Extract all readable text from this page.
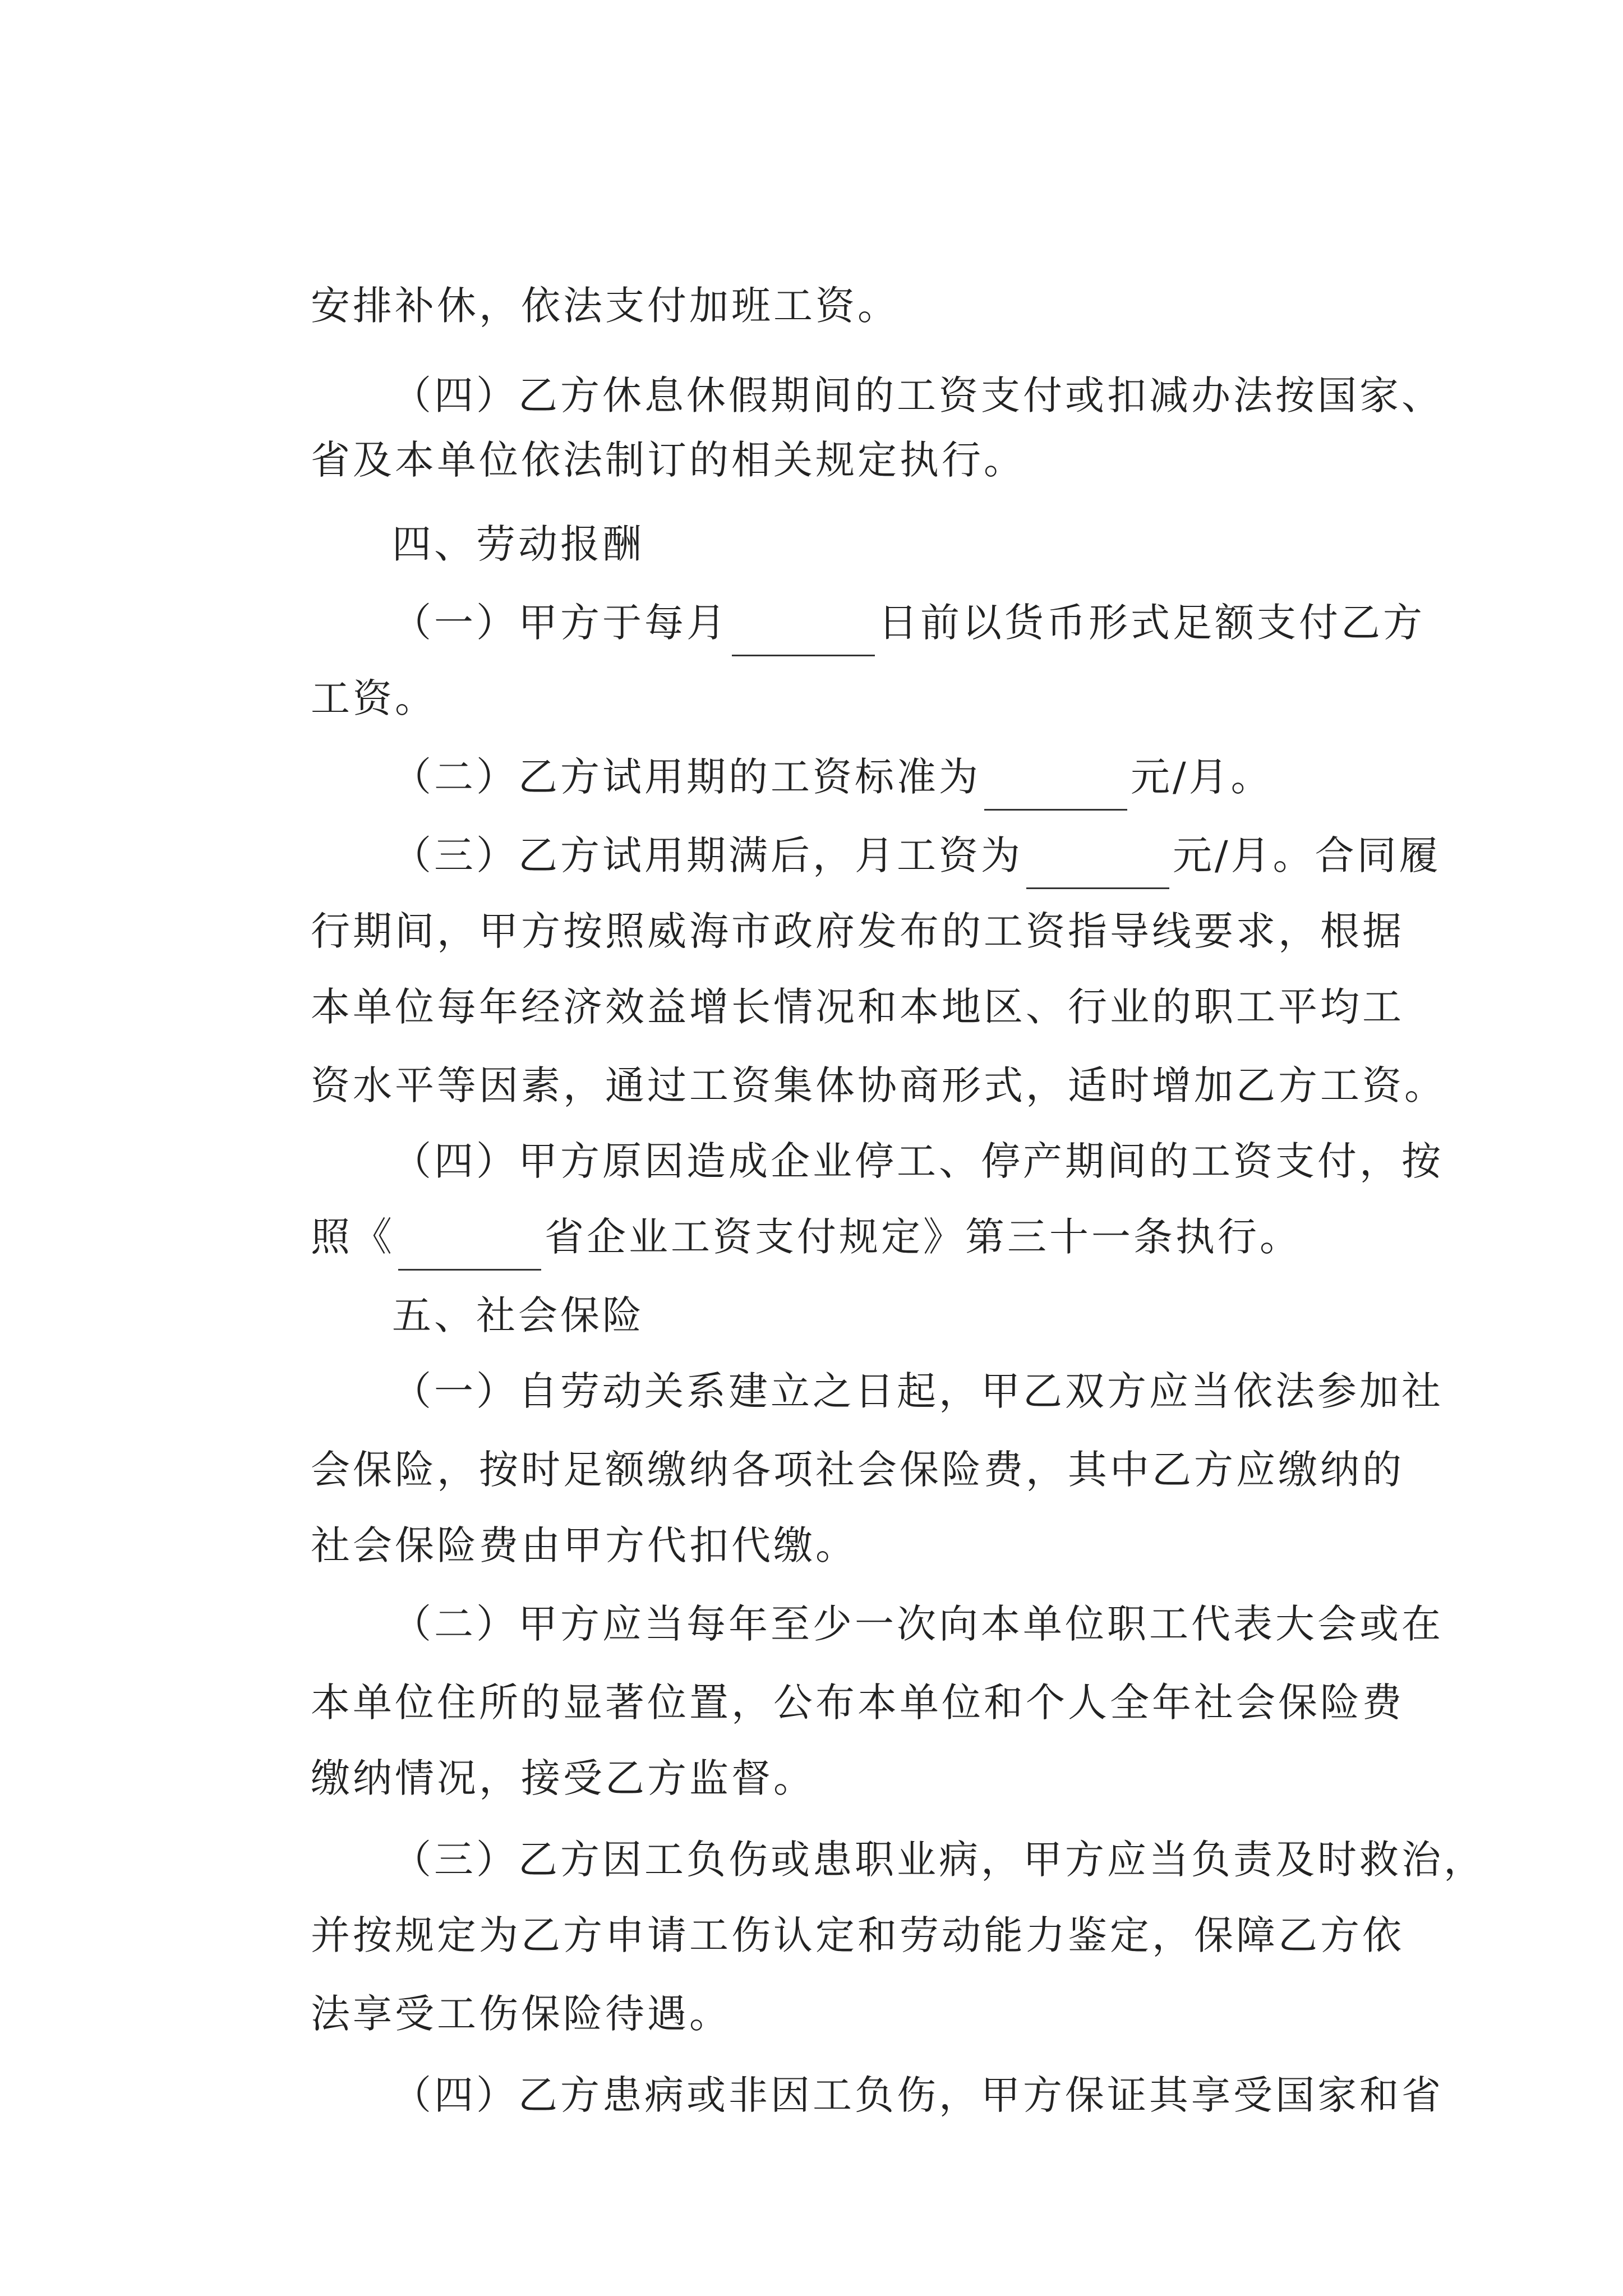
安排补休，依法支付加班工资。

（四）乙方休息休假期间的工资支付或扣减办法按国家、

省及本单位依法制订的相关规定执行。

四、劳动报酬

（一）甲方于每月	日前以货币形式足额支付乙方

工资。

（二）乙方试用期的工资标准为	元/月。

（三）乙方试用期满后，月工资为	元/月。合同履

行期间，甲方按照威海市政府发布的工资指导线要求，根据

本单位每年经济效益增长情况和本地区、行业的职工平均工

资水平等因素，通过工资集体协商形式，适时增加乙方工资。

（四）甲方原因造成企业停工、停产期间的工资支付，按

照《	省企业工资支付规定》第三十一条执行。

五、社会保险

（一）自劳动关系建立之日起，甲乙双方应当依法参加社

会保险，按时足额缴纳各项社会保险费，其中乙方应缴纳的

社会保险费由甲方代扣代缴。

（二）甲方应当每年至少一次向本单位职工代表大会或在

本单位住所的显著位置，公布本单位和个人全年社会保险费

缴纳情况，接受乙方监督。

（三）乙方因工负伤或患职业病，甲方应当负责及时救治，

并按规定为乙方申请工伤认定和劳动能力鉴定，保障乙方依

法享受工伤保险待遇。

（四）乙方患病或非因工负伤，甲方保证其享受国家和省
